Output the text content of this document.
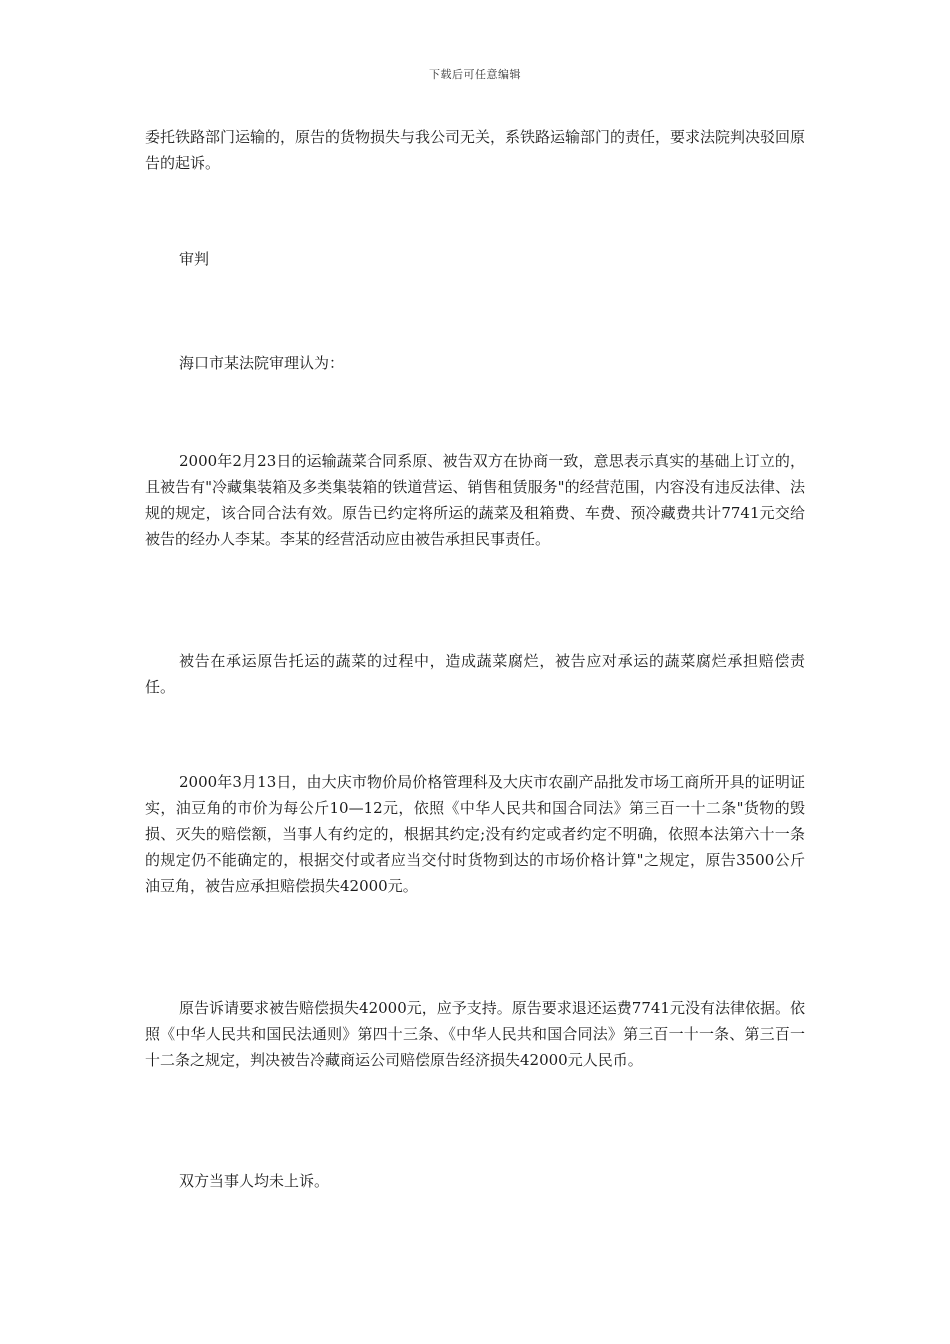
下载后可任意编辑

委托铁路部门运输的，原告的货物损失与我公司无关，系铁路运输部门的责任，要求法院判决驳回原告的起诉。

审判

海口市某法院审理认为：

2000年2月23日的运输蔬菜合同系原、被告双方在协商一致，意思表示真实的基础上订立的，且被告有"冷藏集装箱及多类集装箱的铁道营运、销售租赁服务"的经营范围，内容没有违反法律、法规的规定，该合同合法有效。原告已约定将所运的蔬菜及租箱费、车费、预冷藏费共计7741元交给被告的经办人李某。李某的经营活动应由被告承担民事责任。

被告在承运原告托运的蔬菜的过程中，造成蔬菜腐烂，被告应对承运的蔬菜腐烂承担赔偿责任。

2000年3月13日，由大庆市物价局价格管理科及大庆市农副产品批发市场工商所开具的证明证实，油豆角的市价为每公斤10—12元，依照《中华人民共和国合同法》第三百一十二条"货物的毁损、灭失的赔偿额，当事人有约定的，根据其约定;没有约定或者约定不明确，依照本法第六十一条的规定仍不能确定的，根据交付或者应当交付时货物到达的市场价格计算"之规定，原告3500公斤油豆角，被告应承担赔偿损失42000元。

原告诉请要求被告赔偿损失42000元，应予支持。原告要求退还运费7741元没有法律依据。依照《中华人民共和国民法通则》第四十三条、《中华人民共和国合同法》第三百一十一条、第三百一十二条之规定，判决被告冷藏商运公司赔偿原告经济损失42000元人民币。

双方当事人均未上诉。
